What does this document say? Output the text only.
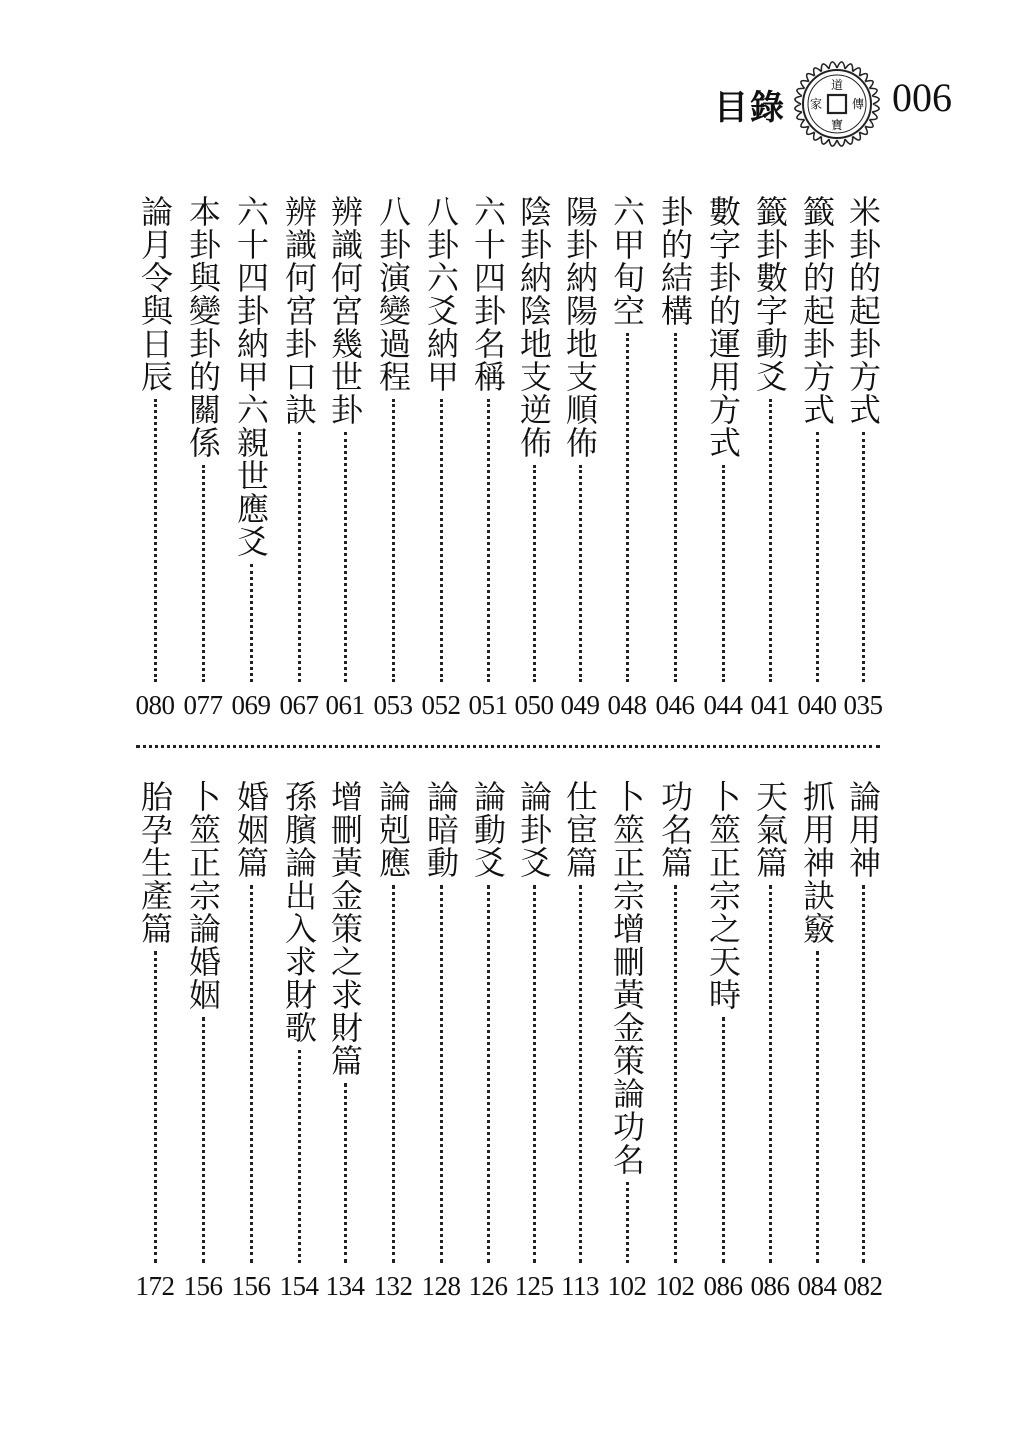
目錄
道
家 傳
寶
006
米卦的起卦方式
035
籤卦的起卦方式
040
籤卦數字動爻
041
數字卦的運用方式
044
卦的結構
046
六甲旬空
048
陽卦納陽地支順佈
049
陰卦納陰地支逆佈
050
六十四卦名稱
051
八卦六爻納甲
052
八卦演變過程
053
辨識何宮幾世卦
061
辨識何宮卦口訣
067
六十四卦納甲六親世應爻
069
本卦與變卦的關係
077
論月令與日辰
080
論用神
082
抓用神訣竅
084
天氣篇
086
卜筮正宗之天時
086
功名篇
102
卜筮正宗增刪黃金策論功名
102
仕宦篇
113
論卦爻
125
論動爻
126
論暗動
128
論剋應
132
增刪黃金策之求財篇
134
孫臏論出入求財歌
154
婚姻篇
156
卜筮正宗論婚姻
156
胎孕生產篇
172
